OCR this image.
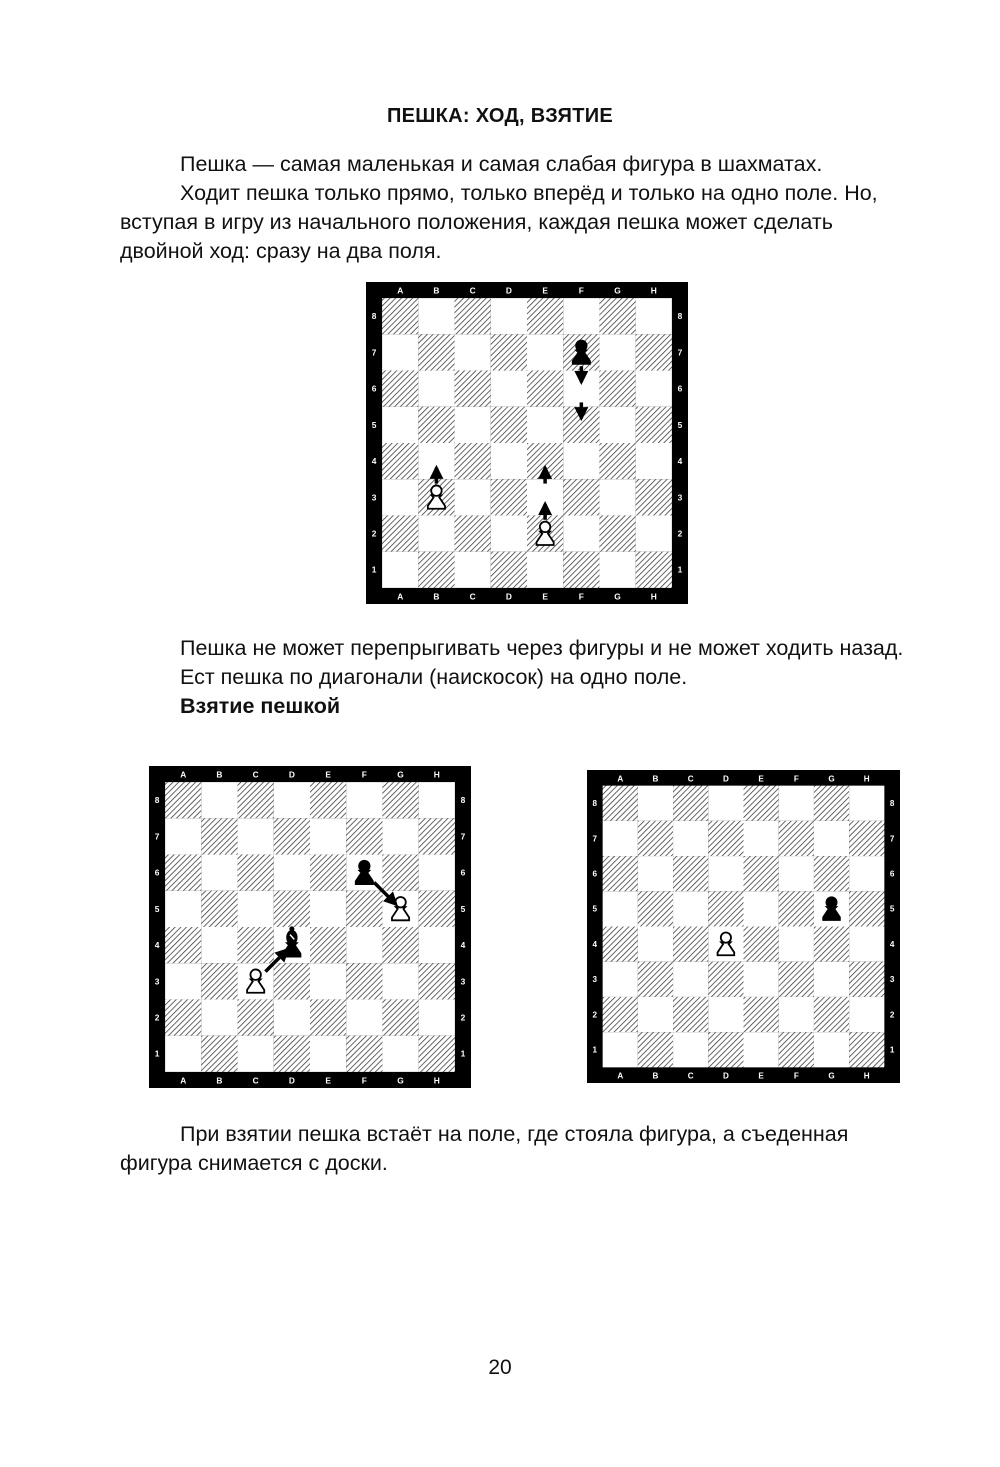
ПЕШКА: ХОД, ВЗЯТИЕ

Пешка — самая маленькая и самая слабая фигура в шахматах.

Ходит пешка только прямо, только вперёд и только на одно поле. Но, вступая в игру из начального положения, каждая пешка может сделать двойной ход: сразу на два поля.

A
A
B
B
C
C
D
D
E
E
F
F
G
G
H
H
1	1
2	2
3	3
4	4
5	5
6	6
7	7
8	8

Пешка не может перепрыгивать через фигуры и не может ходить назад.

Ест пешка по диагонали (наискосок) на одно поле.

Взятие пешкой

A
A
B
B
C
C
D
D
E
E
F
F
G
G
H
H
1	1
2	2
3	3
4	4
5	5
6	6
7	7
8	8
A
A
B
B
C
C
D
D
E
E
F
F
G
G
H
H
1	1
2	2
3	3
4	4
5	5
6	6
7	7
8	8

При взятии пешка встаёт на поле, где стояла фигура, а съеденная фигура снимается с доски.

20
